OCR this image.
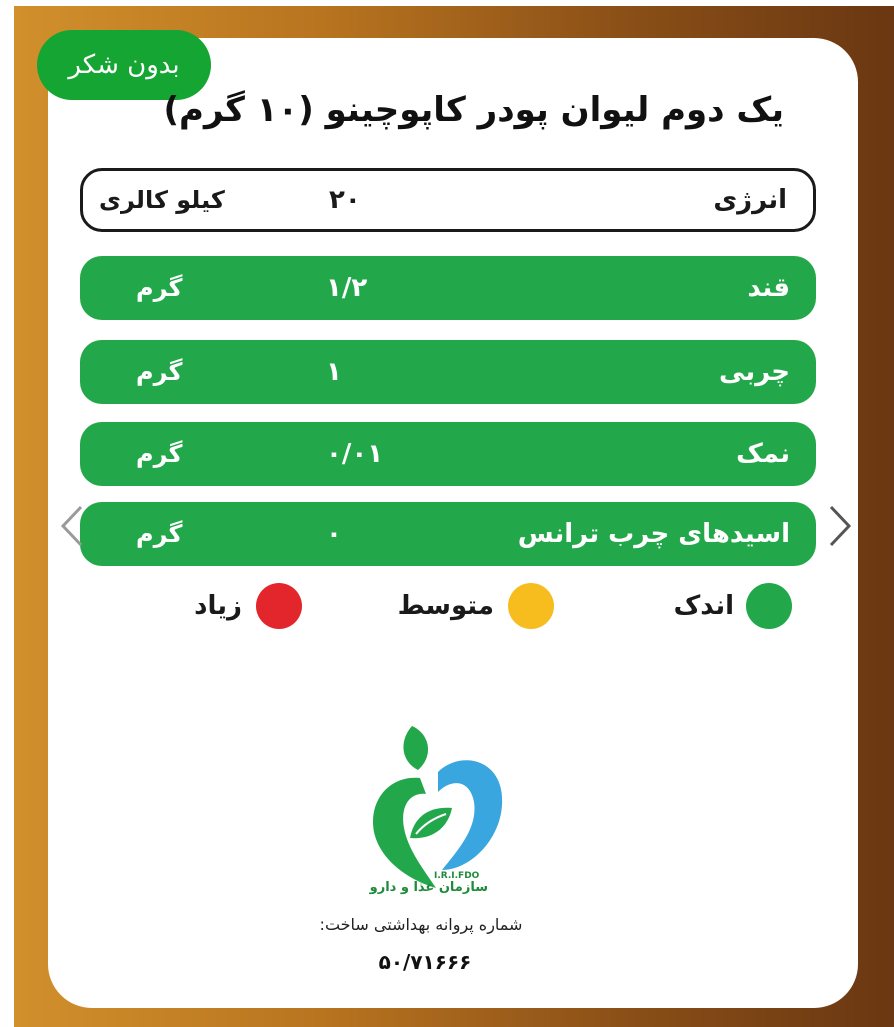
بدون شکر
یک دوم لیوان پودر کاپوچینو (۱۰ گرم)
انرژی
۲۰
کیلو کالری
قند
۱/۲
گرم
چربی
۱
گرم
نمک
۰/۰۱
گرم
اسیدهای چرب ترانس
۰
گرم
اندک
متوسط
زیاد
I.R.I.FDO
سازمان غذا و دارو
شماره پروانه بهداشتی ساخت:
۵۰/۷۱۶۶۶
